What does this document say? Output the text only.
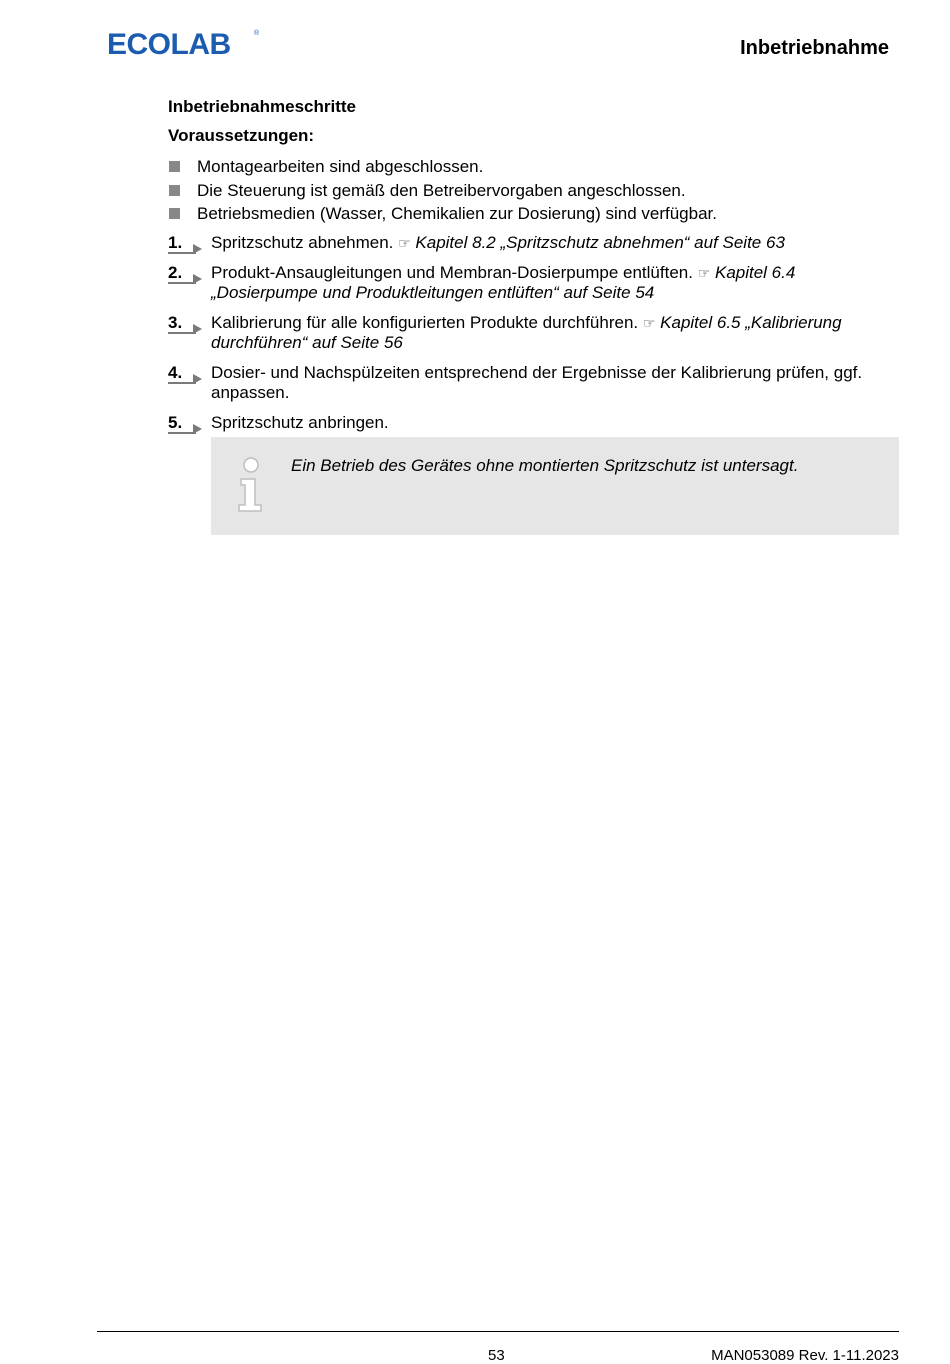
ECOLAB	®
Inbetriebnahme
Inbetriebnahmeschritte
Voraussetzungen:
Montagearbeiten sind abgeschlossen.
Die Steuerung ist gemäß den Betreibervorgaben angeschlossen.
Betriebsmedien (Wasser, Chemikalien zur Dosierung) sind verfügbar.
1. Spritzschutz abnehmen. ☞ Kapitel 8.2 „Spritzschutz abnehmen“ auf Seite 63
2. Produkt-Ansaugleitungen und Membran-Dosierpumpe entlüften. ☞ Kapitel 6.4 „Dosierpumpe und Produktleitungen entlüften“ auf Seite 54
3. Kalibrierung für alle konfigurierten Produkte durchführen. ☞ Kapitel 6.5 „Kalibrierung durchführen“ auf Seite 56
4. Dosier- und Nachspülzeiten entsprechend der Ergebnisse der Kalibrierung prüfen, ggf. anpassen.
5. Spritzschutz anbringen.
Ein Betrieb des Gerätes ohne montierten Spritzschutz ist untersagt.
53	MAN053089 Rev. 1-11.2023
